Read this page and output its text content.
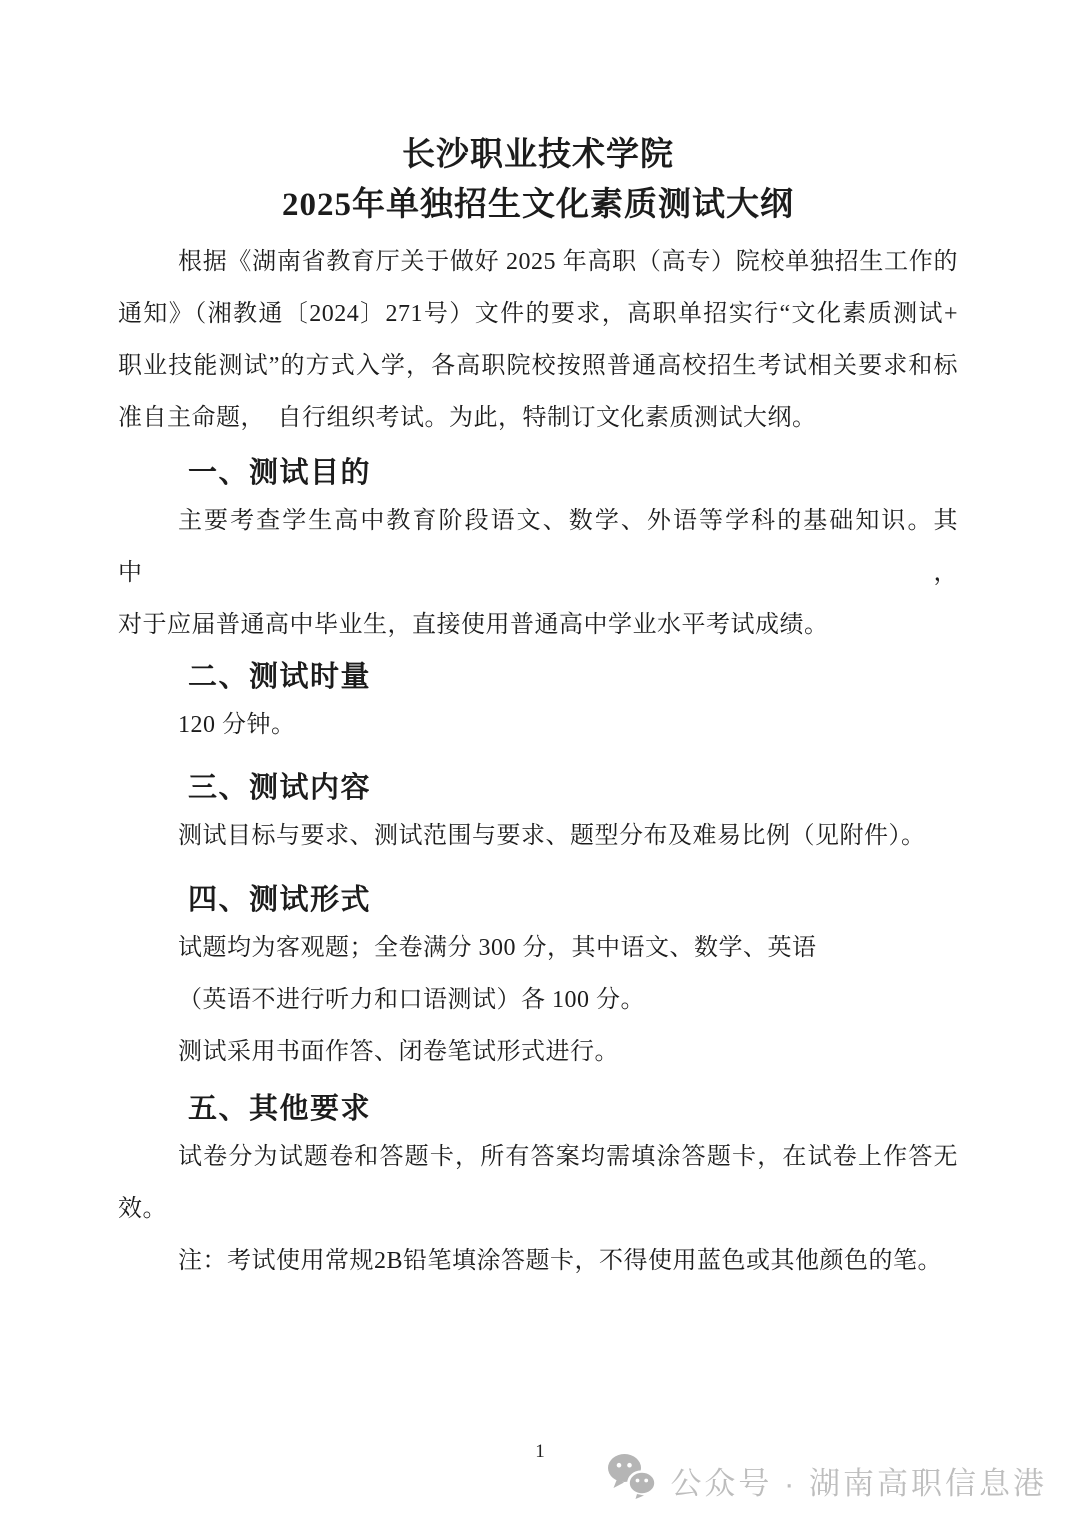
长沙职业技术学院
2025年单独招生文化素质测试大纲
根据《湖南省教育厅关于做好 2025 年高职（高专）院校单独招生工作的
通知》（湘教通〔2024〕271号）文件的要求，高职单招实行“文化素质测试+
职业技能测试”的方式入学，各高职院校按照普通高校招生考试相关要求和标
准自主命题，　自行组织考试。为此，特制订文化素质测试大纲。
一、测试目的
主要考查学生高中教育阶段语文、数学、外语等学科的基础知识。其中，
对于应届普通高中毕业生，直接使用普通高中学业水平考试成绩。
二、测试时量
120 分钟。
三、测试内容
测试目标与要求、测试范围与要求、题型分布及难易比例（见附件）。
四、测试形式
试题均为客观题；全卷满分 300 分，其中语文、数学、英语
（英语不进行听力和口语测试）各 100 分。
测试采用书面作答、闭卷笔试形式进行。
五、其他要求
试卷分为试题卷和答题卡，所有答案均需填涂答题卡，在试卷上作答无
效。
注：考试使用常规2B铅笔填涂答题卡，不得使用蓝色或其他颜色的笔。
1
公众号 · 湖南高职信息港
